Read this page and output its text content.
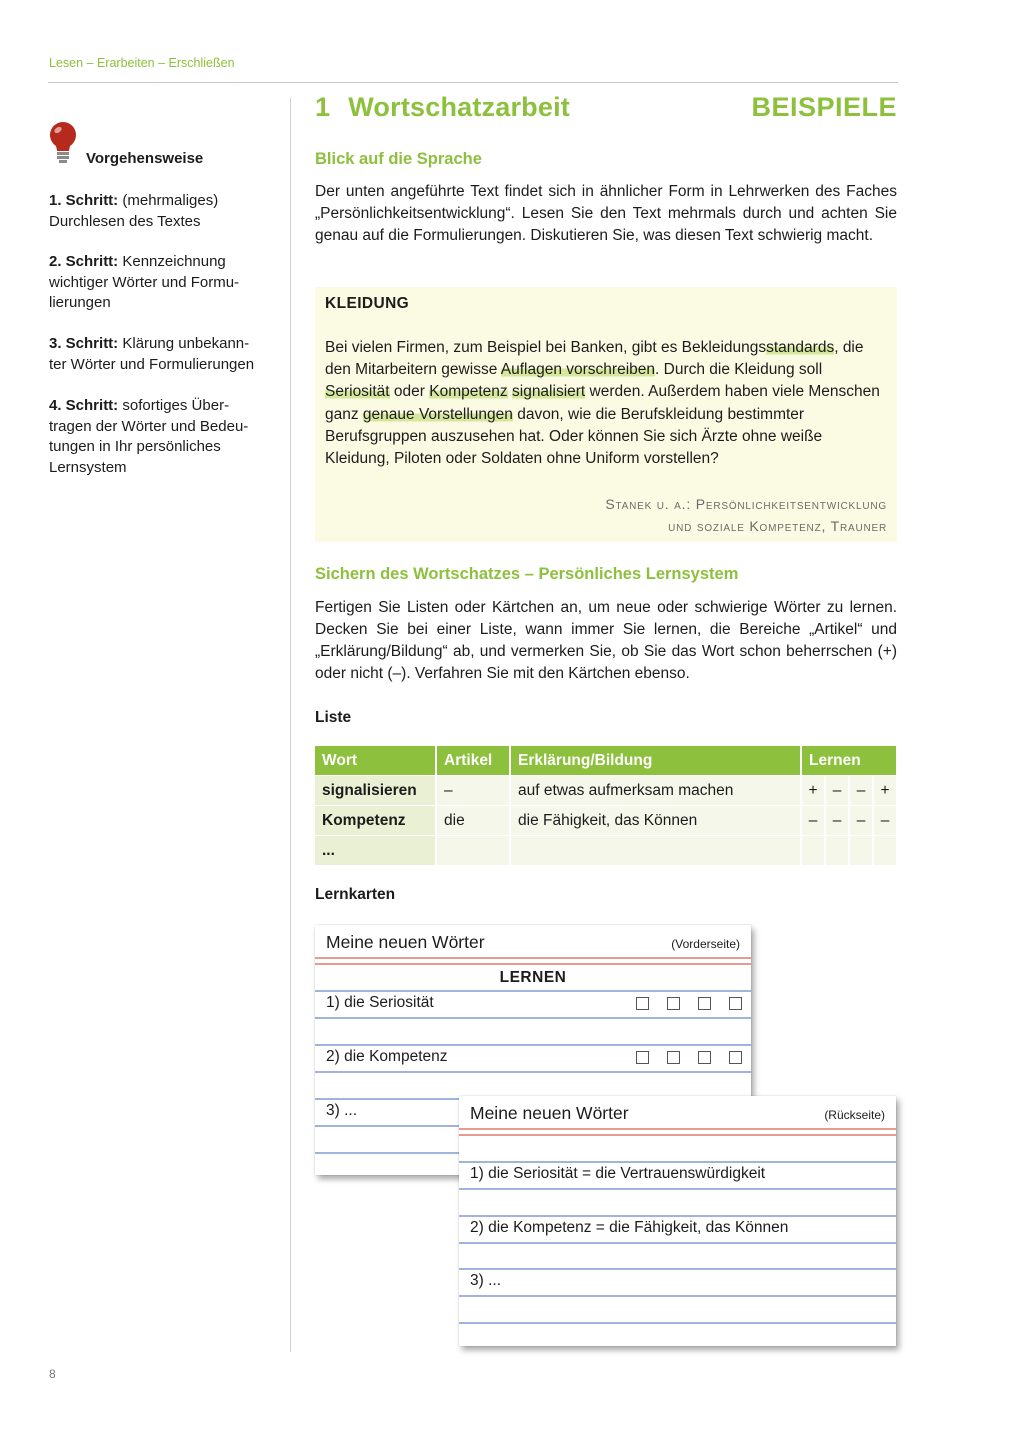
Lesen – Erarbeiten – Erschließen
Vorgehensweise
1. Schritt: (mehrmaliges)
Durchlesen des Textes
2. Schritt: Kennzeichnung
wichtiger Wörter und Formu-
lierungen
3. Schritt: Klärung unbekann-
ter Wörter und Formulierungen
4. Schritt: sofortiges Über-
tragen der Wörter und Bedeu-
tungen in Ihr persönliches
Lernsystem
1 Wortschatzarbeit	BEISPIELE
Blick auf die Sprache
Der unten angeführte Text findet sich in ähnlicher Form in Lehrwerken des Faches „Persönlichkeitsentwicklung“. Lesen Sie den Text mehrmals durch und achten Sie genau auf die Formulierungen. Diskutieren Sie, was diesen Text schwierig macht.
KLEIDUNG
Bei vielen Firmen, zum Beispiel bei Banken, gibt es Bekleidungsstandards, die den Mitarbeitern gewisse Auflagen vorschreiben. Durch die Kleidung soll Seriosität oder Kompetenz signalisiert werden. Außerdem haben viele Menschen ganz genaue Vorstellungen davon, wie die Berufskleidung bestimmter Berufsgruppen auszusehen hat. Oder können Sie sich Ärzte ohne weiße Kleidung, Piloten oder Soldaten ohne Uniform vorstellen?
Stanek u. a.: Persönlichkeitsentwicklung
und soziale Kompetenz, Trauner
Sichern des Wortschatzes – Persönliches Lernsystem
Fertigen Sie Listen oder Kärtchen an, um neue oder schwierige Wörter zu lernen. Decken Sie bei einer Liste, wann immer Sie lernen, die Bereiche „Artikel“ und „Erklärung/Bildung“ ab, und vermerken Sie, ob Sie das Wort schon beherrschen (+) oder nicht (–). Verfahren Sie mit den Kärtchen ebenso.
Liste
Wort	Artikel	Erklärung/Bildung	Lernen			
signalisieren	–	auf etwas aufmerksam machen	+	–	–	+
Kompetenz	die	die Fähigkeit, das Können	–	–	–	–
...						
Lernkarten
Meine neuen Wörter	(Vorderseite)
LERNEN
1) die Seriosität
2) die Kompetenz
3) ...	Meine neuen Wörter	(Rückseite)
1) die Seriosität = die Vertrauenswürdigkeit
2) die Kompetenz = die Fähigkeit, das Können
3) ...
8
